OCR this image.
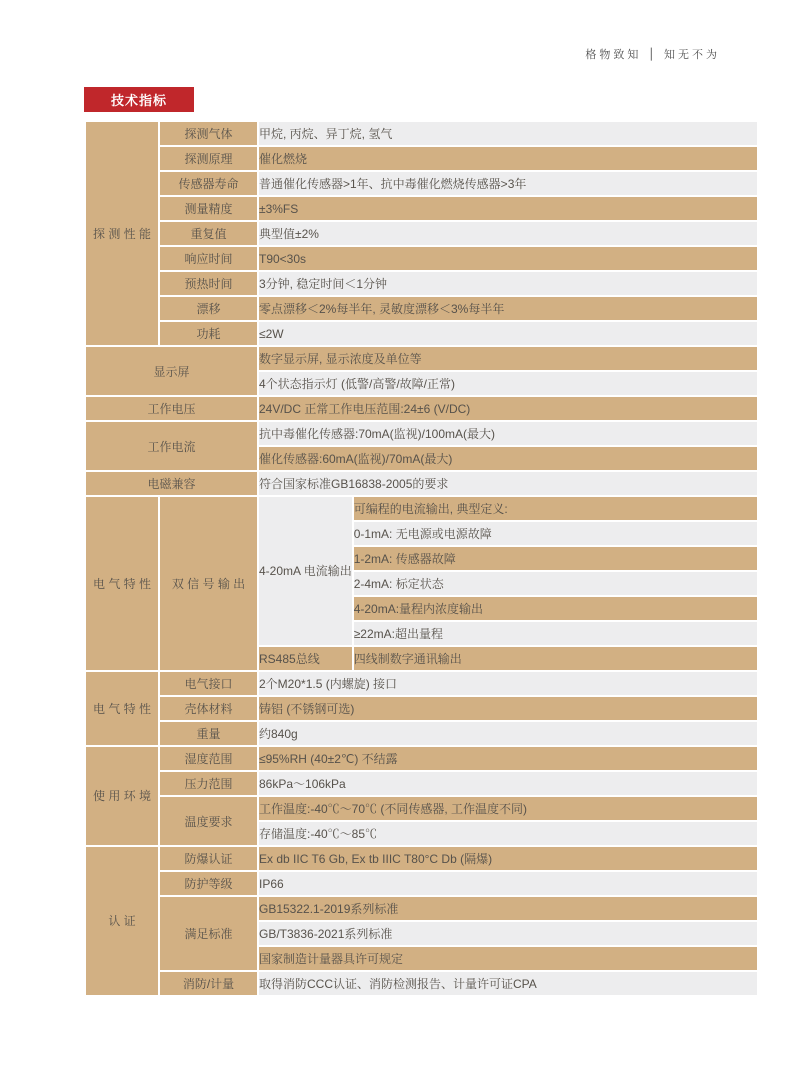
格物致知 │ 知无不为
技术指标
探 测 性 能	探测气体	甲烷, 丙烷、异丁烷, 氢气	
	探测原理	催化燃烧	
	传感器寿命	普通催化传感器>1年、抗中毒催化燃烧传感器>3年	
	测量精度	±3%FS	
	重复值	典型值±2%	
	响应时间	T90<30s	
	预热时间	3分钟, 稳定时间＜1分钟	
	漂移	零点漂移＜2%每半年, 灵敏度漂移＜3%每半年	
	功耗	≤2W	
显示屏		数字显示屏, 显示浓度及单位等	
		4个状态指示灯 (低警/高警/故障/正常)	
工作电压		24V/DC 正常工作电压范围:24±6 (V/DC)	
工作电流		抗中毒催化传感器:70mA(监视)/100mA(最大)	
		催化传感器:60mA(监视)/70mA(最大)	
电磁兼容		符合国家标准GB16838-2005的要求	
电 气 特 性	双 信 号 输 出	4-20mA 电流输出	可编程的电流输出, 典型定义:
			0-1mA: 无电源或电源故障
			1-2mA: 传感器故障
			2-4mA: 标定状态
			4-20mA:量程内浓度输出
			≥22mA:超出量程
		RS485总线	四线制数字通讯输出
电 气 特 性	电气接口	2个M20*1.5 (内螺旋) 接口	
	壳体材料	铸铝 (不锈钢可选)	
	重量	约840g	
使 用 环 境	湿度范围	≤95%RH (40±2℃) 不结露	
	压力范围	86kPa～106kPa	
	温度要求	工作温度:-40℃～70℃ (不同传感器, 工作温度不同)	
		存储温度:-40℃～85℃	
认 证	防爆认证	Ex db IIC T6 Gb, Ex tb IIIC T80°C Db (隔爆)	
	防护等级	IP66	
	满足标准	GB15322.1-2019系列标准	
		GB/T3836-2021系列标准	
		国家制造计量器具许可规定	
	消防/计量	取得消防CCC认证、消防检测报告、计量许可证CPA	
